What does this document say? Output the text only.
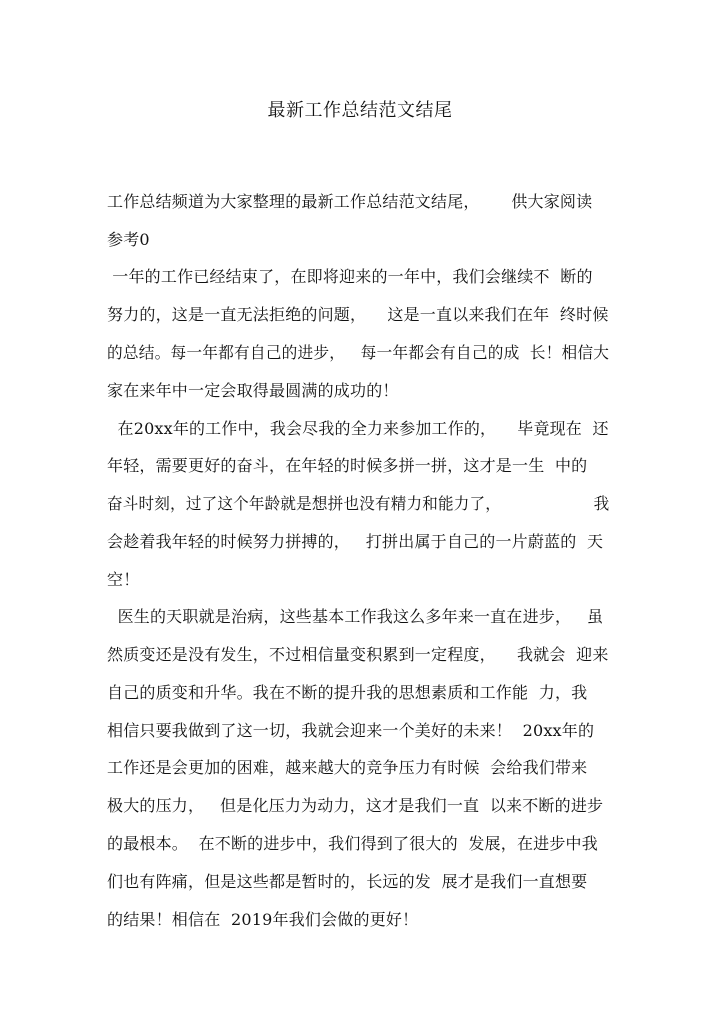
最新工作总结范文结尾
工作总结频道为大家整理的最新工作总结范文结尾，      供大家阅读
参考0
一年的工作已经结束了，在即将迎来的一年中，我们会继续不  断的
努力的，这是一直无法拒绝的问题，    这是一直以来我们在年  终时候
的总结。每一年都有自己的进步，   每一年都会有自己的成  长！相信大
家在来年中一定会取得最圆满的成功的！
在20xx年的工作中，我会尽我的全力来参加工作的，    毕竟现在  还
年轻，需要更好的奋斗，在年轻的时候多拼一拼，这才是一生  中的
奋斗时刻，过了这个年龄就是想拼也没有精力和能力了，                  我
会趁着我年轻的时候努力拼搏的，   打拼出属于自己的一片蔚蓝的  天
空！
医生的天职就是治病，这些基本工作我这么多年来一直在进步，   虽
然质变还是没有发生，不过相信量变积累到一定程度，    我就会  迎来
自己的质变和升华。我在不断的提升我的思想素质和工作能  力，我
相信只要我做到了这一切，我就会迎来一个美好的未来！  20xx年的
工作还是会更加的困难，越来越大的竞争压力有时候  会给我们带来
极大的压力，   但是化压力为动力，这才是我们一直  以来不断的进步
的最根本。  在不断的进步中，我们得到了很大的  发展，在进步中我
们也有阵痛，但是这些都是暂时的，长远的发  展才是我们一直想要
的结果！相信在  2019年我们会做的更好！
